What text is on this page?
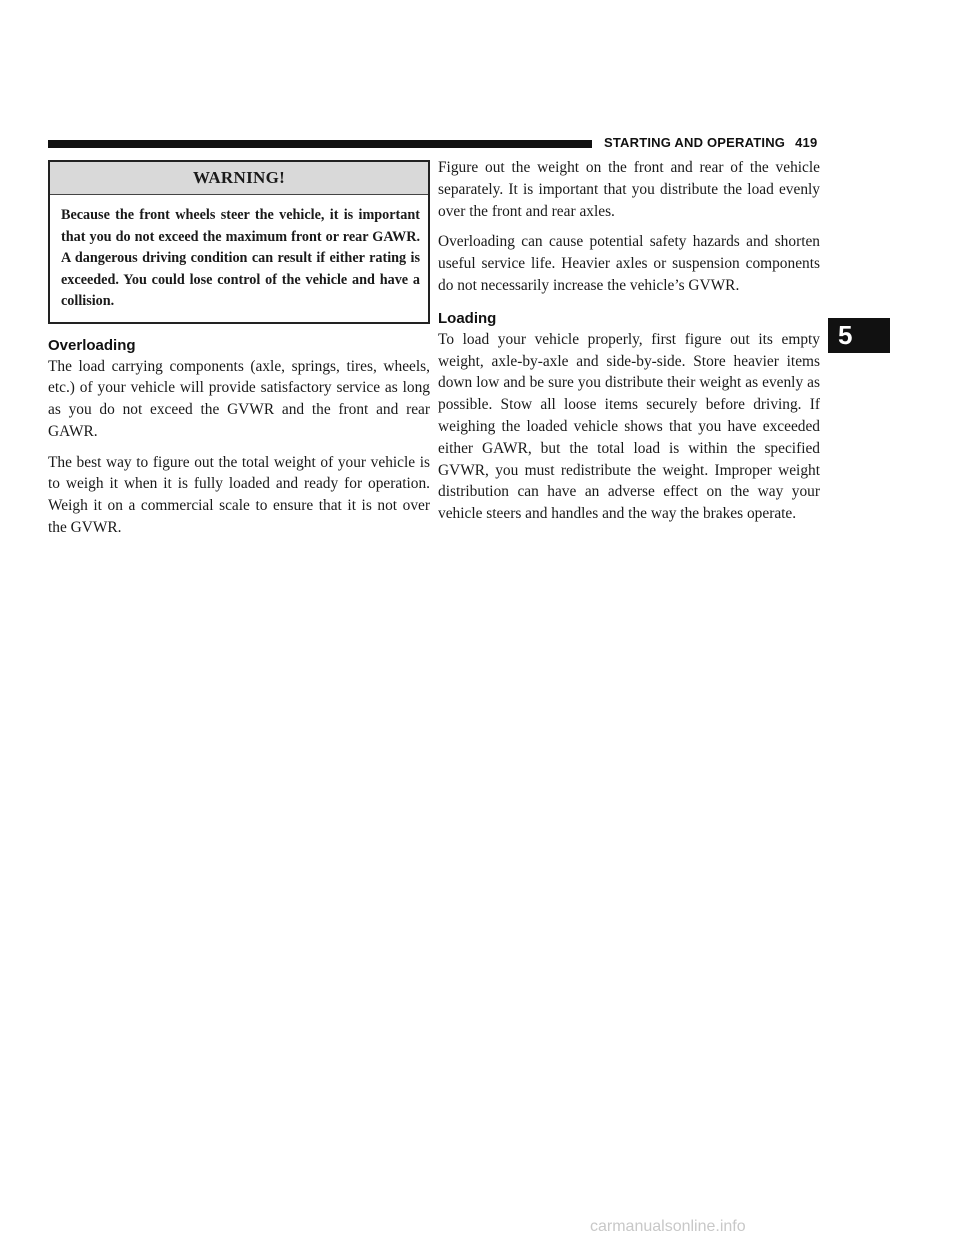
STARTING AND OPERATING 419
5
WARNING!
Because the front wheels steer the vehicle, it is important that you do not exceed the maximum front or rear GAWR. A dangerous driving condition can result if either rating is exceeded. You could lose control of the vehicle and have a collision.
Overloading

The load carrying components (axle, springs, tires, wheels, etc.) of your vehicle will provide satisfactory service as long as you do not exceed the GVWR and the front and rear GAWR.

The best way to figure out the total weight of your vehicle is to weigh it when it is fully loaded and ready for operation. Weigh it on a commercial scale to ensure that it is not over the GVWR.

Figure out the weight on the front and rear of the vehicle separately. It is important that you distribute the load evenly over the front and rear axles.

Overloading can cause potential safety hazards and shorten useful service life. Heavier axles or suspension components do not necessarily increase the vehicle’s GVWR.

Loading

To load your vehicle properly, first figure out its empty weight, axle-by-axle and side-by-side. Store heavier items down low and be sure you distribute their weight as evenly as possible. Stow all loose items securely before driving. If weighing the loaded vehicle shows that you have exceeded either GAWR, but the total load is within the specified GVWR, you must redistribute the weight. Improper weight distribution can have an adverse effect on the way your vehicle steers and handles and the way the brakes operate.

carmanualsonline.info
